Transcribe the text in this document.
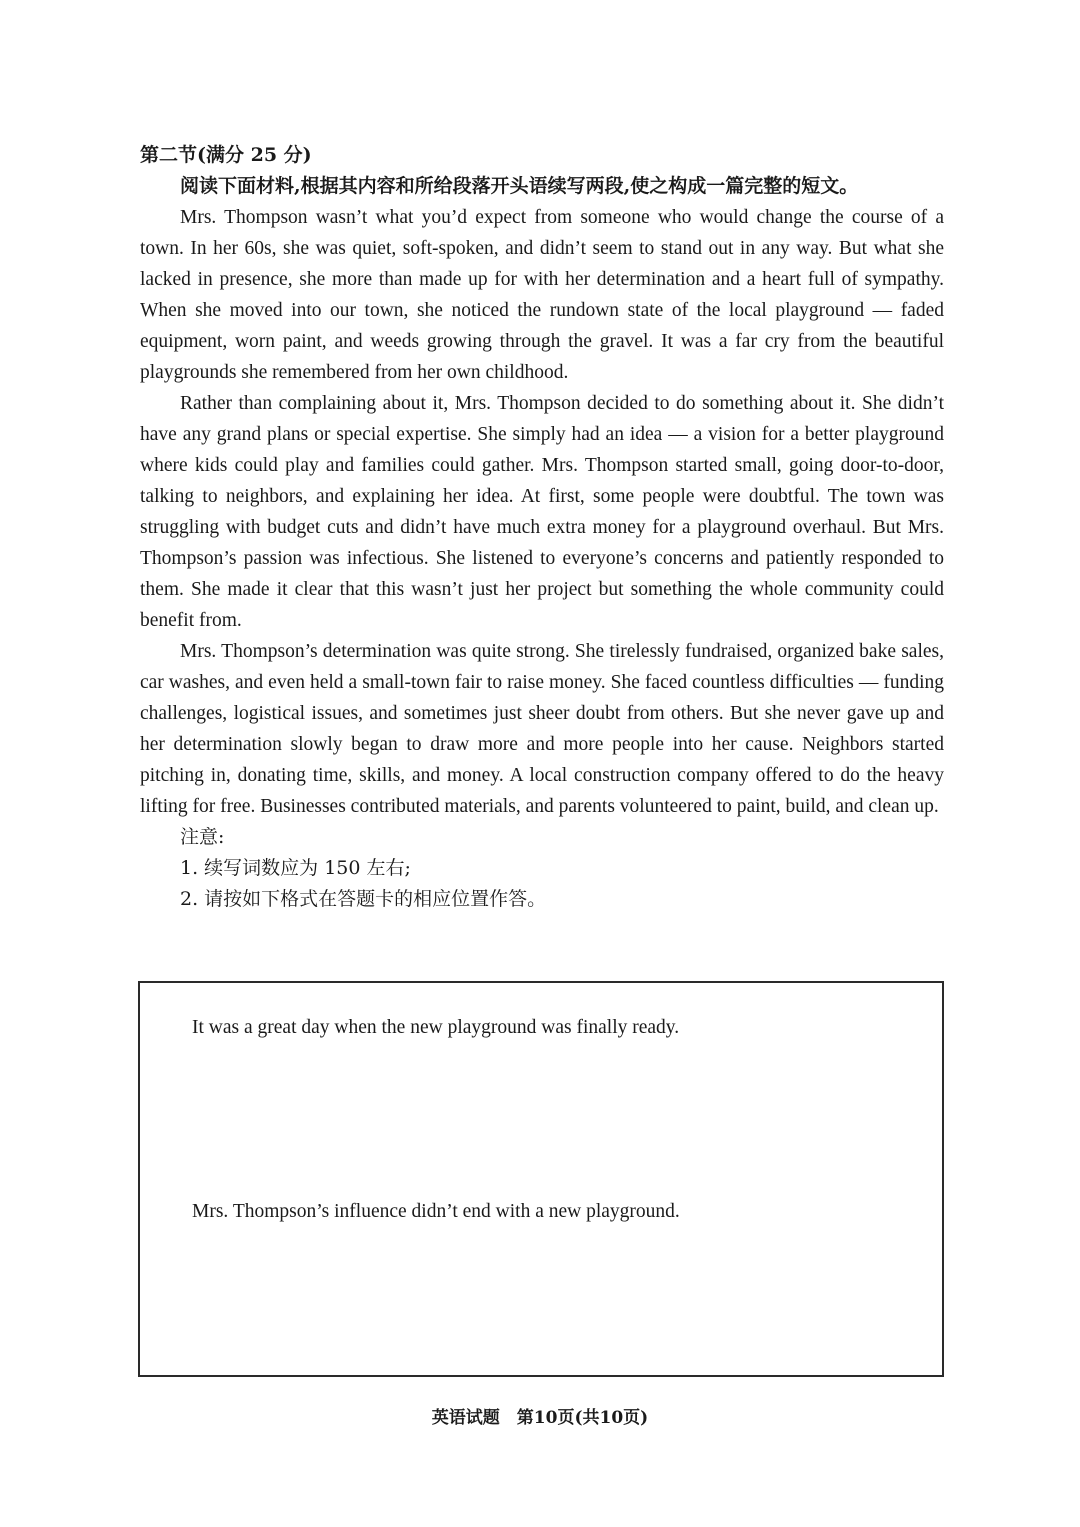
第二节(满分 25 分)

阅读下面材料,根据其内容和所给段落开头语续写两段,使之构成一篇完整的短文。

Mrs. Thompson wasn’t what you’d expect from someone who would change the course of a town. In her 60s, she was quiet, soft-spoken, and didn’t seem to stand out in any way. But what she lacked in presence, she more than made up for with her determination and a heart full of sympathy. When she moved into our town, she noticed the rundown state of the local playground — faded equipment, worn paint, and weeds growing through the gravel. It was a far cry from the beautiful playgrounds she remembered from her own childhood.

Rather than complaining about it, Mrs. Thompson decided to do something about it. She didn’t have any grand plans or special expertise. She simply had an idea — a vision for a better playground where kids could play and families could gather. Mrs. Thompson started small, going door-to-door, talking to neighbors, and explaining her idea. At first, some people were doubtful. The town was struggling with budget cuts and didn’t have much extra money for a playground overhaul. But Mrs. Thompson’s passion was infectious. She listened to everyone’s concerns and patiently responded to them. She made it clear that this wasn’t just her project but something the whole community could benefit from.

Mrs. Thompson’s determination was quite strong. She tirelessly fundraised, organized bake sales, car washes, and even held a small-town fair to raise money. She faced countless difficulties — funding challenges, logistical issues, and sometimes just sheer doubt from others. But she never gave up and her determination slowly began to draw more and more people into her cause. Neighbors started pitching in, donating time, skills, and money. A local construction company offered to do the heavy lifting for free. Businesses contributed materials, and parents volunteered to paint, build, and clean up.

注意:

1. 续写词数应为 150 左右;

2. 请按如下格式在答题卡的相应位置作答。

It was a great day when the new playground was finally ready.

Mrs. Thompson’s influence didn’t end with a new playground.

英语试题　第10页(共10页)
